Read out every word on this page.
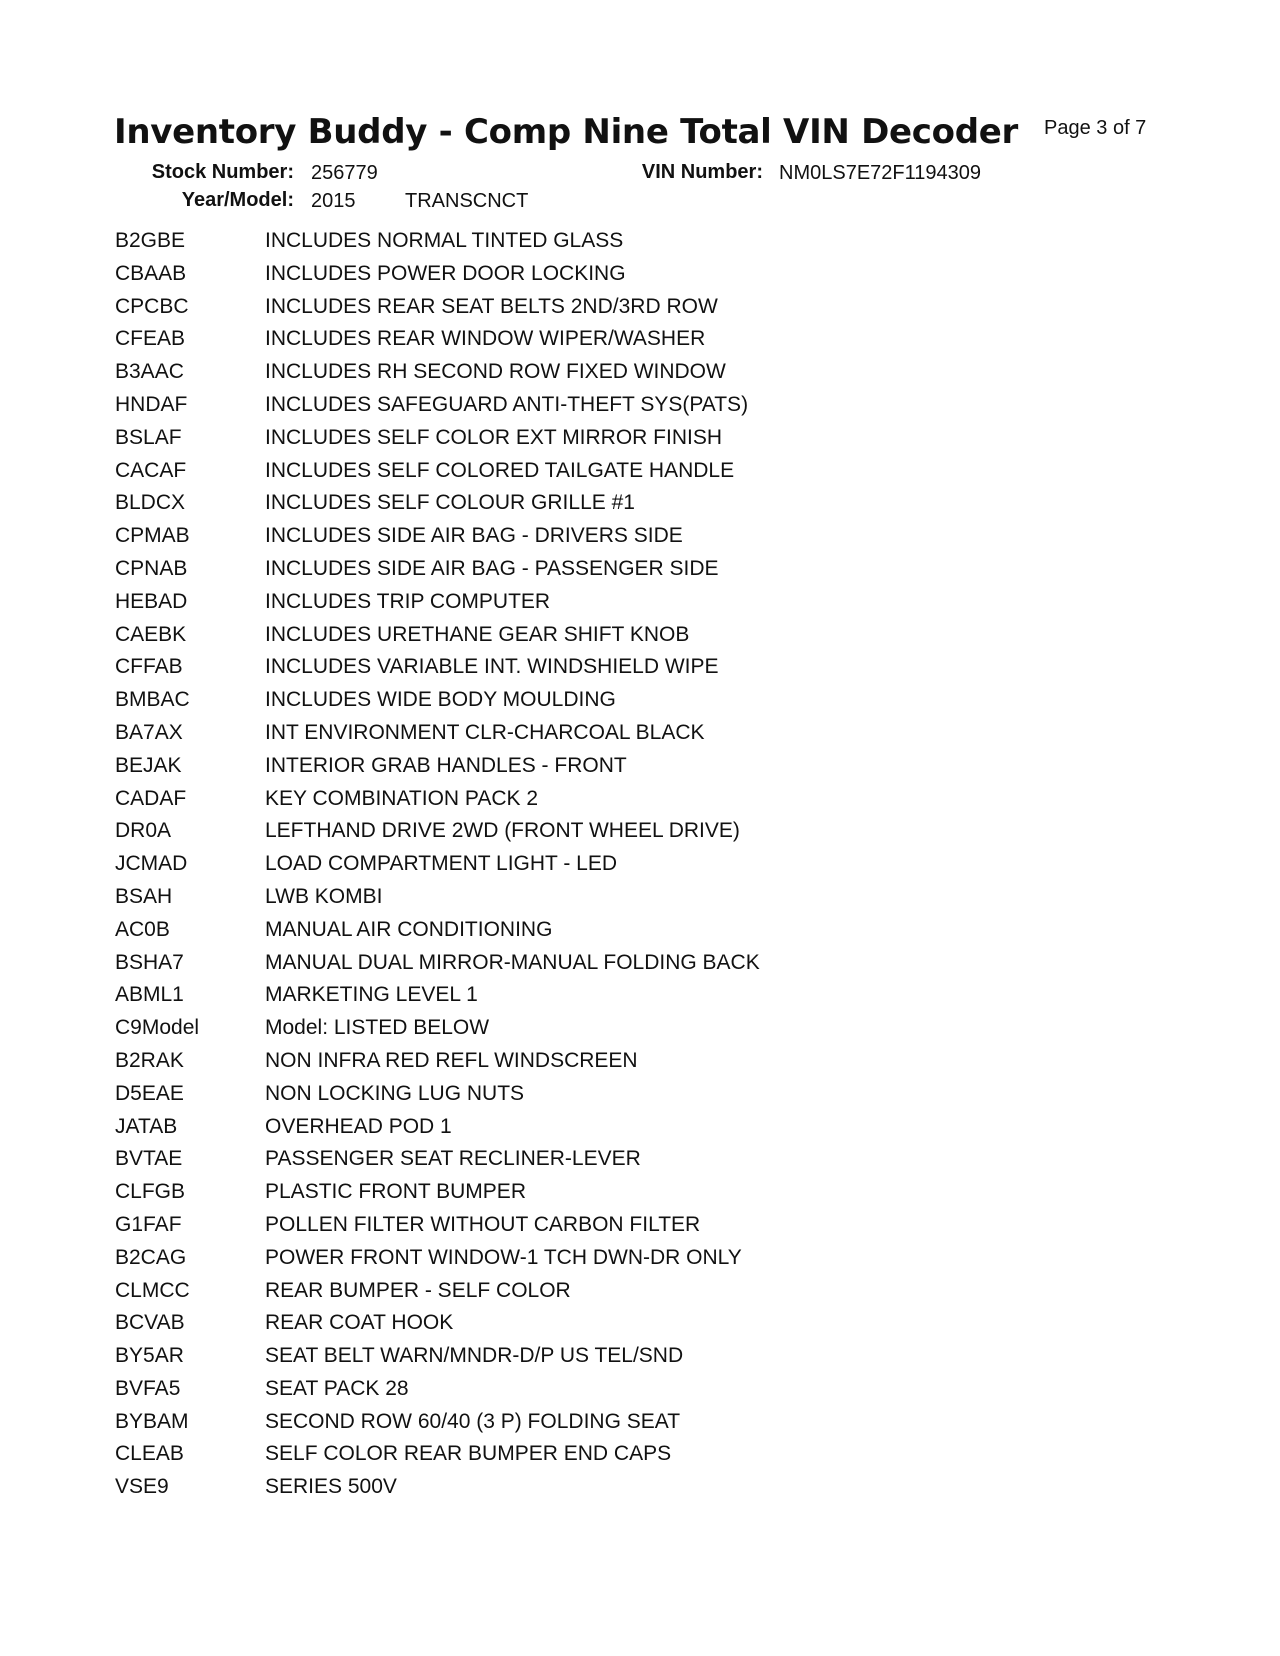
Inventory Buddy - Comp Nine Total VIN Decoder Page 3 of 7
Stock Number: 256779	VIN Number: NM0LS7E72F1194309
Year/Model: 2015 TRANSCNCT
B2GBE	INCLUDES NORMAL TINTED GLASS
CBAAB	INCLUDES POWER DOOR LOCKING
CPCBC	INCLUDES REAR SEAT BELTS 2ND/3RD ROW
CFEAB	INCLUDES REAR WINDOW WIPER/WASHER
B3AAC	INCLUDES RH SECOND ROW FIXED WINDOW
HNDAF	INCLUDES SAFEGUARD ANTI-THEFT SYS(PATS)
BSLAF	INCLUDES SELF COLOR EXT MIRROR FINISH
CACAF	INCLUDES SELF COLORED TAILGATE HANDLE
BLDCX	INCLUDES SELF COLOUR GRILLE #1
CPMAB	INCLUDES SIDE AIR BAG - DRIVERS SIDE
CPNAB	INCLUDES SIDE AIR BAG - PASSENGER SIDE
HEBAD	INCLUDES TRIP COMPUTER
CAEBK	INCLUDES URETHANE GEAR SHIFT KNOB
CFFAB	INCLUDES VARIABLE INT. WINDSHIELD WIPE
BMBAC	INCLUDES WIDE BODY MOULDING
BA7AX	INT ENVIRONMENT CLR-CHARCOAL BLACK
BEJAK	INTERIOR GRAB HANDLES - FRONT
CADAF	KEY COMBINATION PACK 2
DR0A	LEFTHAND DRIVE 2WD (FRONT WHEEL DRIVE)
JCMAD	LOAD COMPARTMENT LIGHT - LED
BSAH	LWB KOMBI
AC0B	MANUAL AIR CONDITIONING
BSHA7	MANUAL DUAL MIRROR-MANUAL FOLDING BACK
ABML1	MARKETING LEVEL 1
C9Model	Model: LISTED BELOW
B2RAK	NON INFRA RED REFL WINDSCREEN
D5EAE	NON LOCKING LUG NUTS
JATAB	OVERHEAD POD 1
BVTAE	PASSENGER SEAT RECLINER-LEVER
CLFGB	PLASTIC FRONT BUMPER
G1FAF	POLLEN FILTER WITHOUT CARBON FILTER
B2CAG	POWER FRONT WINDOW-1 TCH DWN-DR ONLY
CLMCC	REAR BUMPER - SELF COLOR
BCVAB	REAR COAT HOOK
BY5AR	SEAT BELT WARN/MNDR-D/P US TEL/SND
BVFA5	SEAT PACK 28
BYBAM	SECOND ROW 60/40 (3 P) FOLDING SEAT
CLEAB	SELF COLOR REAR BUMPER END CAPS
VSE9	SERIES 500V
